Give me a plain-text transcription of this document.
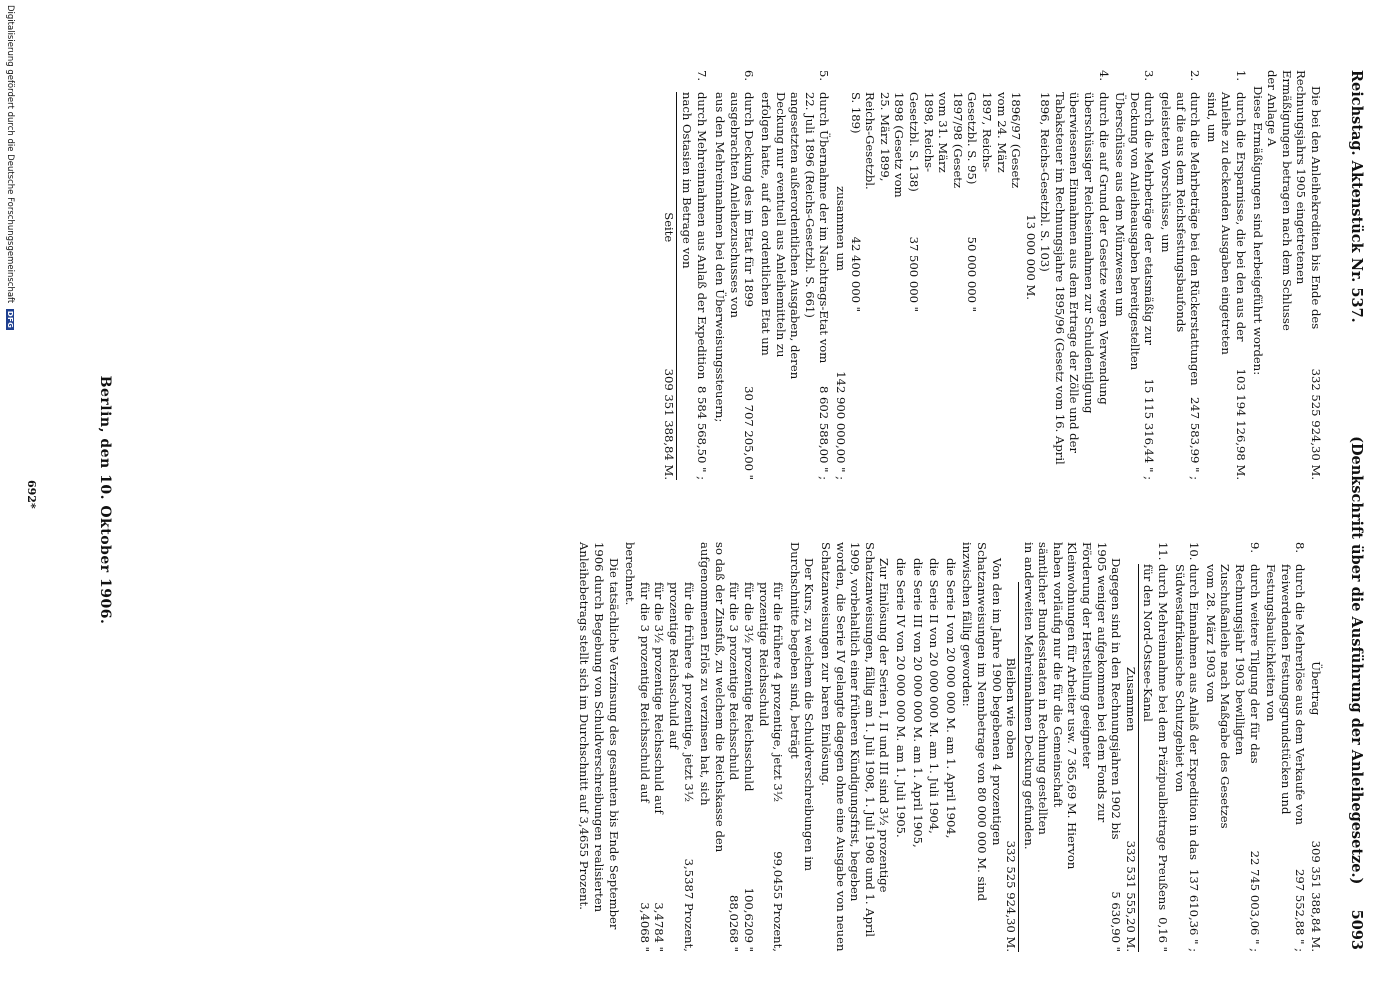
Reichstag. Aktenstück Nr. 537.
(Denkschrift über die Ausführung der Anleihegesetze.)     5093
Die bei den Anleihekrediten bis Ende des Rechnungsjahrs 1905 eingetretenen Ermäßigungen betragen nach dem Schlusse der Anlage A
332 525 924,30 M.

Diese Ermäßigungen sind herbeigeführt worden:

1.
durch die Ersparnisse, die bei den aus der Anleihe zu deckenden Ausgaben eingetreten sind, um
103 194 126,98 M.
2.
durch die Mehrbeträge bei den Rückerstattungen auf die aus dem Reichsfestungsbaufonds geleisteten Vorschüsse, um
247 583,99 " ;
3.
durch die Mehrbeträge der etatsmäßig zur Deckung von Anleiheausgaben bereitgestellten Überschüsse aus dem Münzwesen um
15 115 316,44 " ;
4.
durch die auf Grund der Gesetze wegen Verwendung überschüssiger Reichseinnahmen zur Schuldentilgung überwiesenen Einnahmen aus dem Ertrage der Zölle und der Tabaksteuer im Rechnungsjahre 1895/96 (Gesetz vom 16. April 1896, Reichs-Gesetzbl. S. 103)
13 000 000 M.
1896/97 (Gesetz vom 24. März 1897, Reichs-Gesetzbl. S. 95)
50 000 000 "
1897/98 (Gesetz vom 31. März 1898, Reichs-Gesetzbl. S. 138)
37 500 000 "
1898 (Gesetz vom 25. März 1899, Reichs-Gesetzbl. S. 189)
42 400 000 "
zusammen um
142 900 000,00 " ;
5.
durch Übernahme der im Nachtrags-Etat vom 22. Juli 1896 (Reichs-Gesetzbl. S. 661) angesetzten außerordentlichen Ausgaben, deren Deckung nur eventuell aus Anleihemitteln zu erfolgen hatte, auf den ordentlichen Etat um
8 602 588,00 " ;
6.
durch Deckung des im Etat für 1899 ausgebrachten Anleihezuschusses von
30 707 205,00 "

aus den Mehreinnahmen bei den Überweisungssteuern;

7.
durch Mehreinnahmen aus Anlaß der Expedition nach Ostasien im Betrage von
8 584 568,50 " ;
Seite
309 351 388,84 M.
Übertrag
309 351 388,84 M.
8.
durch die Mehrerlöse aus dem Verkaufe von freiwerdenden Festungsgrundstücken und Festungsbaulichkeiten von
297 552,88 " ;
9.
durch weitere Tilgung der für das Rechnungsjahr 1903 bewilligten Zuschußanleihe nach Maßgabe des Gesetzes vom 28. März 1903 von
22 745 003,06 " ;
10.
durch Einnahmen aus Anlaß der Expedition in das Südwestafrikanische Schutzgebiet von
137 610,36 " ;
11.
durch Mehreinnahme bei dem Präzipualbeitrage Preußens für den Nord-Ostsee-Kanal
0,16 "
Zusammen
332 531 555,20 M.
Dagegen sind in den Rechnungsjahren 1902 bis 1905 weniger aufgekommen bei dem Fonds zur Förderung der Herstellung geeigneter Kleinwohnungen für Arbeiter usw. 7 365,69 M. Hiervon haben vorläufig nur die für die Gemeinschaft sämtlicher Bundesstaaten in Rechnung gestellten
5 630,90 "

in anderweiten Mehreinnahmen Deckung gefunden.

Bleiben wie oben
332 525 924,30 M.

Von den im Jahre 1900 begebenen 4 prozentigen Schatzanweisungen im Nennbetrage von 80 000 000 M. sind inzwischen fällig geworden:

die Serie I von 20 000 000 M. am 1. April 1904,

die Serie II von 20 000 000 M. am 1. Juli 1904,

die Serie III von 20 000 000 M. am 1. April 1905,

die Serie IV von 20 000 000 M. am 1. Juli 1905.

Zur Einlösung der Serien I, II und III sind 3½ prozentige Schatzanweisungen, fällig am 1. Juli 1908, 1. Juli 1908 und 1. April 1909, vorbehaltlich einer früheren Kündigungsfrist, begeben worden, die Serie IV gelangte dagegen ohne eine Ausgabe von neuen Schatzanweisungen zur baren Einlösung.

Der Kurs, zu welchem die Schuldverschreibungen im Durchschnitte begeben sind, beträgt

für die frühere 4 prozentige, jetzt 3½ prozentige Reichsschuld
99,0455 Prozent,
für die 3½ prozentige Reichsschuld
100,6209 "
für die 3 prozentige Reichsschuld
88,0268 "

so daß der Zinsfuß, zu welchem die Reichskasse den aufgenommenen Erlös zu verzinsen hat, sich

für die frühere 4 prozentige, jetzt 3½ prozentige Reichsschuld auf
3,5387 Prozent,
für die 3½ prozentige Reichsschuld auf
3,4784 "
für die 3 prozentige Reichsschuld auf
3,4068 "

berechnet.

Die tatsächliche Verzinsung des gesamten bis Ende September 1906 durch Begebung von Schuldverschreibungen realisierten Anleihebetrags stellt sich im Durchschnitt auf 3,4655 Prozent.

Berlin, den 10. Oktober 1906.
692*
Digitalisierung gefördert durch die Deutsche Forschungsgemeinschaft DFG
